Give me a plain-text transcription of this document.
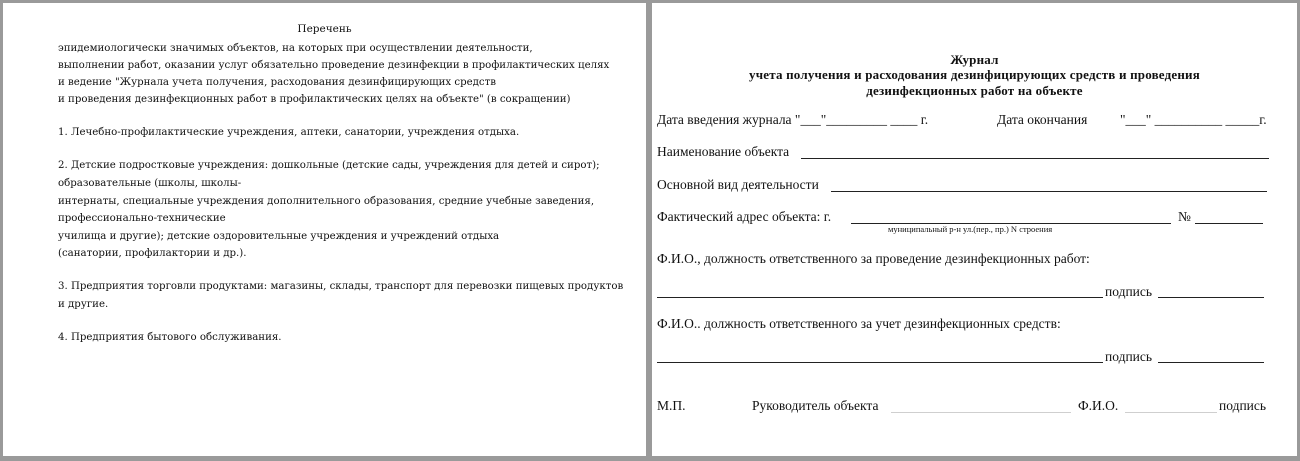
Перечень
эпидемиологически значимых объектов, на которых при осуществлении деятельности,
выполнении работ, оказании услуг обязательно проведение дезинфекции в профилактических целях
и ведение "Журнала учета получения, расходования дезинфицирующих средств
и проведения дезинфекционных работ в профилактических целях на объекте" (в сокращении)
1. Лечебно-профилактические учреждения, аптеки, санатории, учреждения отдыха.
2. Детские подростковые учреждения: дошкольные (детские сады, учреждения для детей и сирот);
образовательные (школы, школы-
интернаты, специальные учреждения дополнительного образования, средние учебные заведения,
профессионально-технические
училища и другие); детские оздоровительные учреждения и учреждений отдыха
(санатории, профилактории и др.).
3. Предприятия торговли продуктами: магазины, склады, транспорт для перевозки пищевых продуктов
и другие.
4. Предприятия бытового обслуживания.
Журнал
учета получения и расходования дезинфицирующих средств и проведения
дезинфекционных работ на объекте
Дата введения журнала "___"_________ ____ г.	Дата окончания "___" __________ _____г.
Наименование объекта
Основной вид деятельности
Фактический адрес объекта: г.	№
муниципальный р-н ул.(пер., пр.) N строения
Ф.И.О., должность ответственного за проведение дезинфекционных работ:
подпись
Ф.И.О.. должность ответственного за учет дезинфекционных средств:
подпись
М.П.	Руководитель объекта	Ф.И.О.	подпись
